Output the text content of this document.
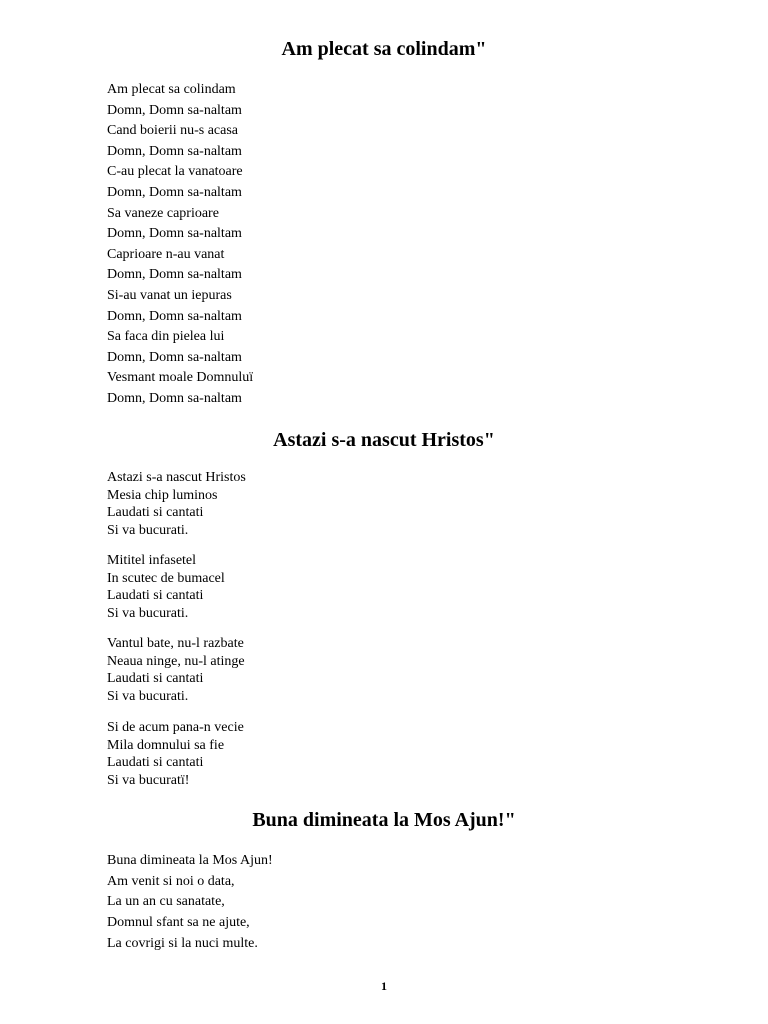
Am plecat sa colindam"
Am plecat sa colindam
Domn, Domn sa-naltam
Cand boierii nu-s acasa
Domn, Domn sa-naltam
C-au plecat la vanatoare
Domn, Domn sa-naltam
Sa vaneze caprioare
Domn, Domn sa-naltam
Caprioare n-au vanat
Domn, Domn sa-naltam
Si-au vanat un iepuras
Domn, Domn sa-naltam
Sa faca din pielea lui
Domn, Domn sa-naltam
Vesmant moale Domnuluï
Domn, Domn sa-naltam
Astazi s-a nascut Hristos"
Astazi s-a nascut Hristos
Mesia chip luminos
Laudati si cantati
Si va bucurati.
Mititel infasetel
In scutec de bumacel
Laudati si cantati
Si va bucurati.
Vantul bate, nu-l razbate
Neaua ninge, nu-l atinge
Laudati si cantati
Si va bucurati.
Si de acum pana-n vecie
Mila domnului sa fie
Laudati si cantati
Si va bucuratï!
Buna dimineata la Mos Ajun!"
Buna dimineata la Mos Ajun!
Am venit si noi o data,
La un an cu sanatate,
Domnul sfant sa ne ajute,
La covrigi si la nuci multe.
1
